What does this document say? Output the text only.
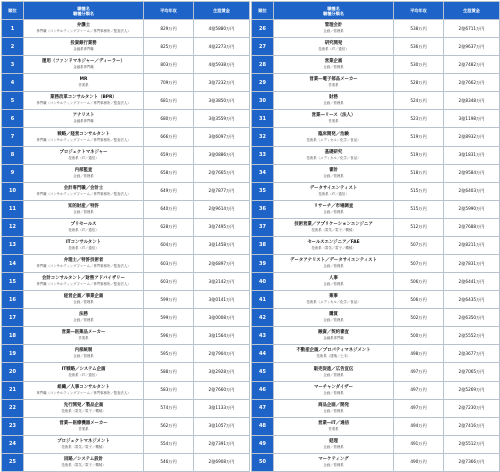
順位	職種名
職種分類名	平均年収	生涯賃金
1	弁護士
専門職（コンサルティングファーム／専門事務所／監査法人）	829万円	4億5880万円
2	投資銀行業務
金融系専門職	825万円	4億2273万円
3	運用（ファンドマネジャー／ディーラー）
金融系専門職	803万円	4億5938万円
4	MR
営業系	709万円	3億7232万円
5	業務改革コンサルタント（BPR）
専門職（コンサルティングファーム／専門事務所／監査法人）	681万円	3億3850万円
6	アナリスト
金融系専門職	680万円	3億3559万円
7	戦略／経営コンサルタント
専門職（コンサルティングファーム／専門事務所／監査法人）	666万円	3億6097万円
8	プロジェクトマネジャー
技術系（IT／通信）	659万円	3億0886万円
9	内部監査
企画／管理系	658万円	2億7665万円
10	会計専門職／会計士
専門職（コンサルティングファーム／専門事務所／監査法人）	649万円	2億7877万円
11	知的財産／特許
企画／管理系	640万円	2億9614万円
12	プリセールス
技術系（IT／通信）	628万円	3億7495万円
13	ITコンサルタント
技術系（IT／通信）	604万円	3億1458万円
14	弁理士／特許技術者
専門職（コンサルティングファーム／専門事務所／監査法人）	603万円	2億6897万円
15	会計コンサルタント／財務アドバイザリー
専門職（コンサルティングファーム／専門事務所／監査法人）	603万円	3億2142万円
16	経営企画／事業企画
企画／管理系	599万円	3億0141万円
17	法務
企画／管理系	599万円	3億0008万円
18	営業―医薬品メーカー
営業系	596万円	3億1564万円
19	内部統制
企画／管理系	595万円	2億7904万円
20	IT戦略／システム企画
技術系（IT／通信）	588万円	3億2928万円
21	組織／人事コンサルタント
専門職（コンサルティングファーム／専門事務所／監査法人）	583万円	2億7660万円
22	先行開発／製品企画
技術系（電気／電子／機械）	574万円	3億1133万円
23	営業―医療機器メーカー
営業系	562万円	3億1057万円
24	プロジェクトマネジメント
技術系（電気／電子／機械）	554万円	2億7391万円
25	回路／システム設計
技術系（電気／電子／機械）	546万円	2億6908万円
順位	職種名
職種分類名	平均年収	生涯賃金
26	管理会計
企画／管理系	538万円	2億6711万円
27	研究開発
技術系（IT／通信）	536万円	2億9637万円
28	営業企画
企画／管理系	530万円	2億7482万円
29	営業―電子部品メーカー
営業系	528万円	2億7662万円
30	財務
企画／管理系	524万円	2億8348万円
31	営業―リース（法人）
営業系	523万円	3億1198万円
32	臨床開発／治験
技術系（メディカル／化学／食品）	519万円	2億8932万円
33	基礎研究
技術系（メディカル／化学／食品）	519万円	3億1831万円
34	審計
企画／管理系	518万円	2億9584万円
35	データサイエンティスト
技術系（IT／通信）	515万円	2億6403万円
36	リサーチ／市場調査
企画／管理系	515万円	2億5990万円
37	技術営業／アプリケーションエンジニア
技術系（電気／電子／機械）	512万円	2億7688万円
38	セールスエンジニア／FAE
技術系（電気／電子／機械）	507万円	2億8211万円
39	データアナリスト／データサイエンティスト
企画／管理系	507万円	2億7831万円
40	人事
企画／管理系	506万円	2億6441万円
41	薬事
技術系（メディカル／化学／食品）	506万円	2億6435万円
42	購買
企画／管理系	502万円	2億6350万円
43	融資／契約審査
金融系専門職	500万円	2億5552万円
44	不動産企画／プロパティマネジメント
技術系（建築／土木）	498万円	2億3677万円
45	販売促進／広告宣伝
企画／管理系	497万円	2億7065万円
46	マーチャンダイザー
企画／管理系	497万円	2億5269万円
47	商品企画／開発
企画／管理系	497万円	2億7230万円
48	営業―IT／通信
営業系	494万円	2億7416万円
49	経理
企画／管理系	491万円	2億5512万円
50	マーケティング
企画／管理系	490万円	2億7366万円
